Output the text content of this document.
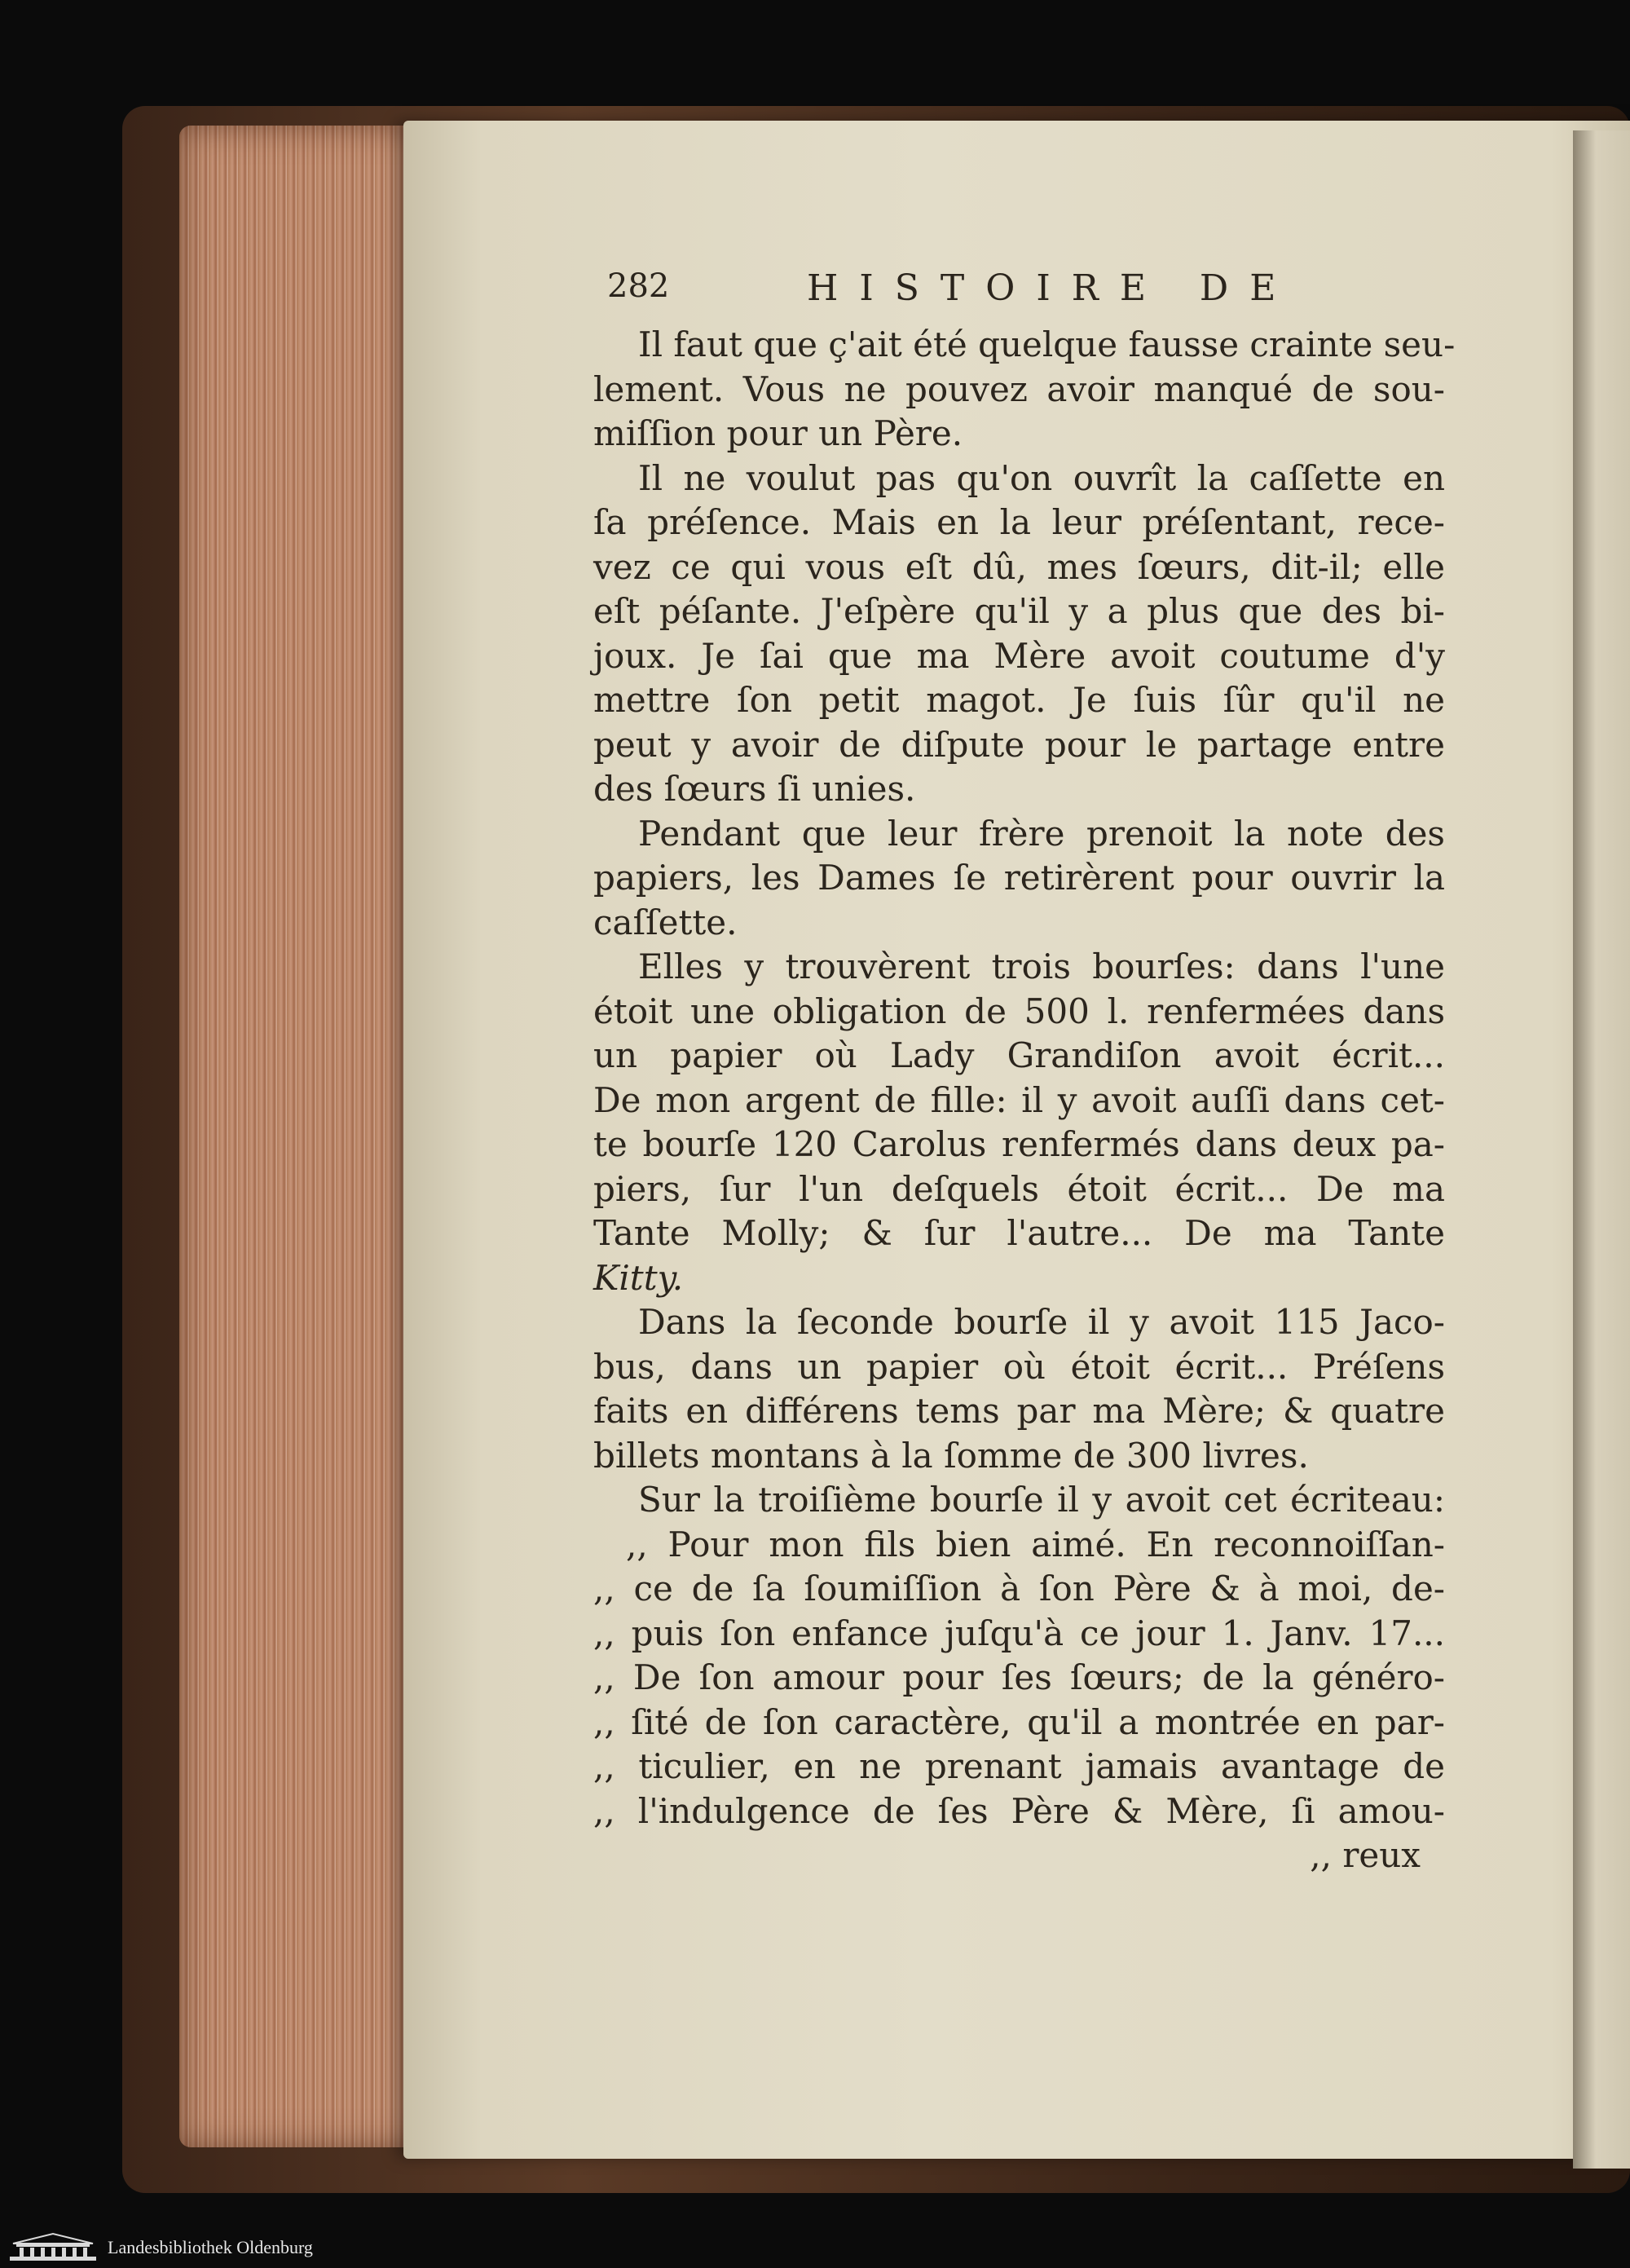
282	HISTOIRE DE
Il faut que ç'ait été quelque fausse crainte seu-
lement. Vous ne pouvez avoir manqué de sou-
miſſion pour un Père.
Il ne voulut pas qu'on ouvrît la caſſette en
ſa préſence. Mais en la leur préſentant, rece-
vez ce qui vous eſt dû, mes ſœurs, dit-il; elle
eſt péſante. J'eſpère qu'il y a plus que des bi-
joux. Je ſai que ma Mère avoit coutume d'y
mettre ſon petit magot. Je ſuis ſûr qu'il ne
peut y avoir de diſpute pour le partage entre
des ſœurs ſi unies.
Pendant que leur frère prenoit la note des
papiers, les Dames ſe retirèrent pour ouvrir la
caſſette.
Elles y trouvèrent trois bourſes: dans l'une
étoit une obligation de 500 l. renfermées dans
un papier où Lady Grandiſon avoit écrit...
De mon argent de fille: il y avoit auſſi dans cet-
te bourſe 120 Carolus renfermés dans deux pa-
piers, ſur l'un deſquels étoit écrit... De ma
Tante Molly; & ſur l'autre... De ma Tante
Kitty.
Dans la ſeconde bourſe il y avoit 115 Jaco-
bus, dans un papier où étoit écrit... Préſens
faits en différens tems par ma Mère; & quatre
billets montans à la ſomme de 300 livres.
Sur la troiſième bourſe il y avoit cet écriteau:
,, Pour mon fils bien aimé. En reconnoiſſan-
,, ce de ſa ſoumiſſion à ſon Père & à moi, de-
,, puis ſon enfance juſqu'à ce jour 1. Janv. 17...
,, De ſon amour pour ſes ſœurs; de la généro-
,, ſité de ſon caractère, qu'il a montrée en par-
,, ticulier, en ne prenant jamais avantage de
,, l'indulgence de ſes Père & Mère, ſi amou-
,, reux
Landesbibliothek Oldenburg
